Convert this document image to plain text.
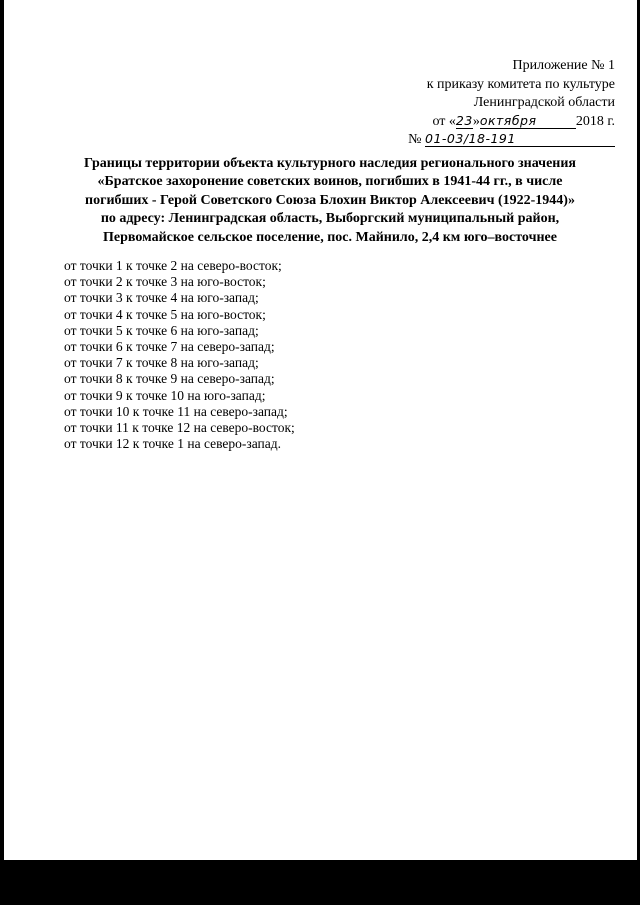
Приложение № 1
к приказу комитета по культуре
Ленинградской области
от «23»октября	2018 г.
№ 01-03/18-191
Границы территории объекта культурного наследия регионального значения
«Братское захоронение советских воинов, погибших в 1941-44 гг., в числе
погибших - Герой Советского Союза Блохин Виктор Алексеевич (1922-1944)»
по адресу: Ленинградская область, Выборгский муниципальный район,
Первомайское сельское поселение, пос. Майнило, 2,4 км юго–восточнее
от точки 1 к точке 2 на северо-восток;
от точки 2 к точке 3 на юго-восток;
от точки 3 к точке 4 на юго-запад;
от точки 4 к точке 5 на юго-восток;
от точки 5 к точке 6 на юго-запад;
от точки 6 к точке 7 на северо-запад;
от точки 7 к точке 8 на юго-запад;
от точки 8 к точке 9 на северо-запад;
от точки 9 к точке 10 на юго-запад;
от точки 10 к точке 11 на северо-запад;
от точки 11 к точке 12 на северо-восток;
от точки 12 к точке 1 на северо-запад.
